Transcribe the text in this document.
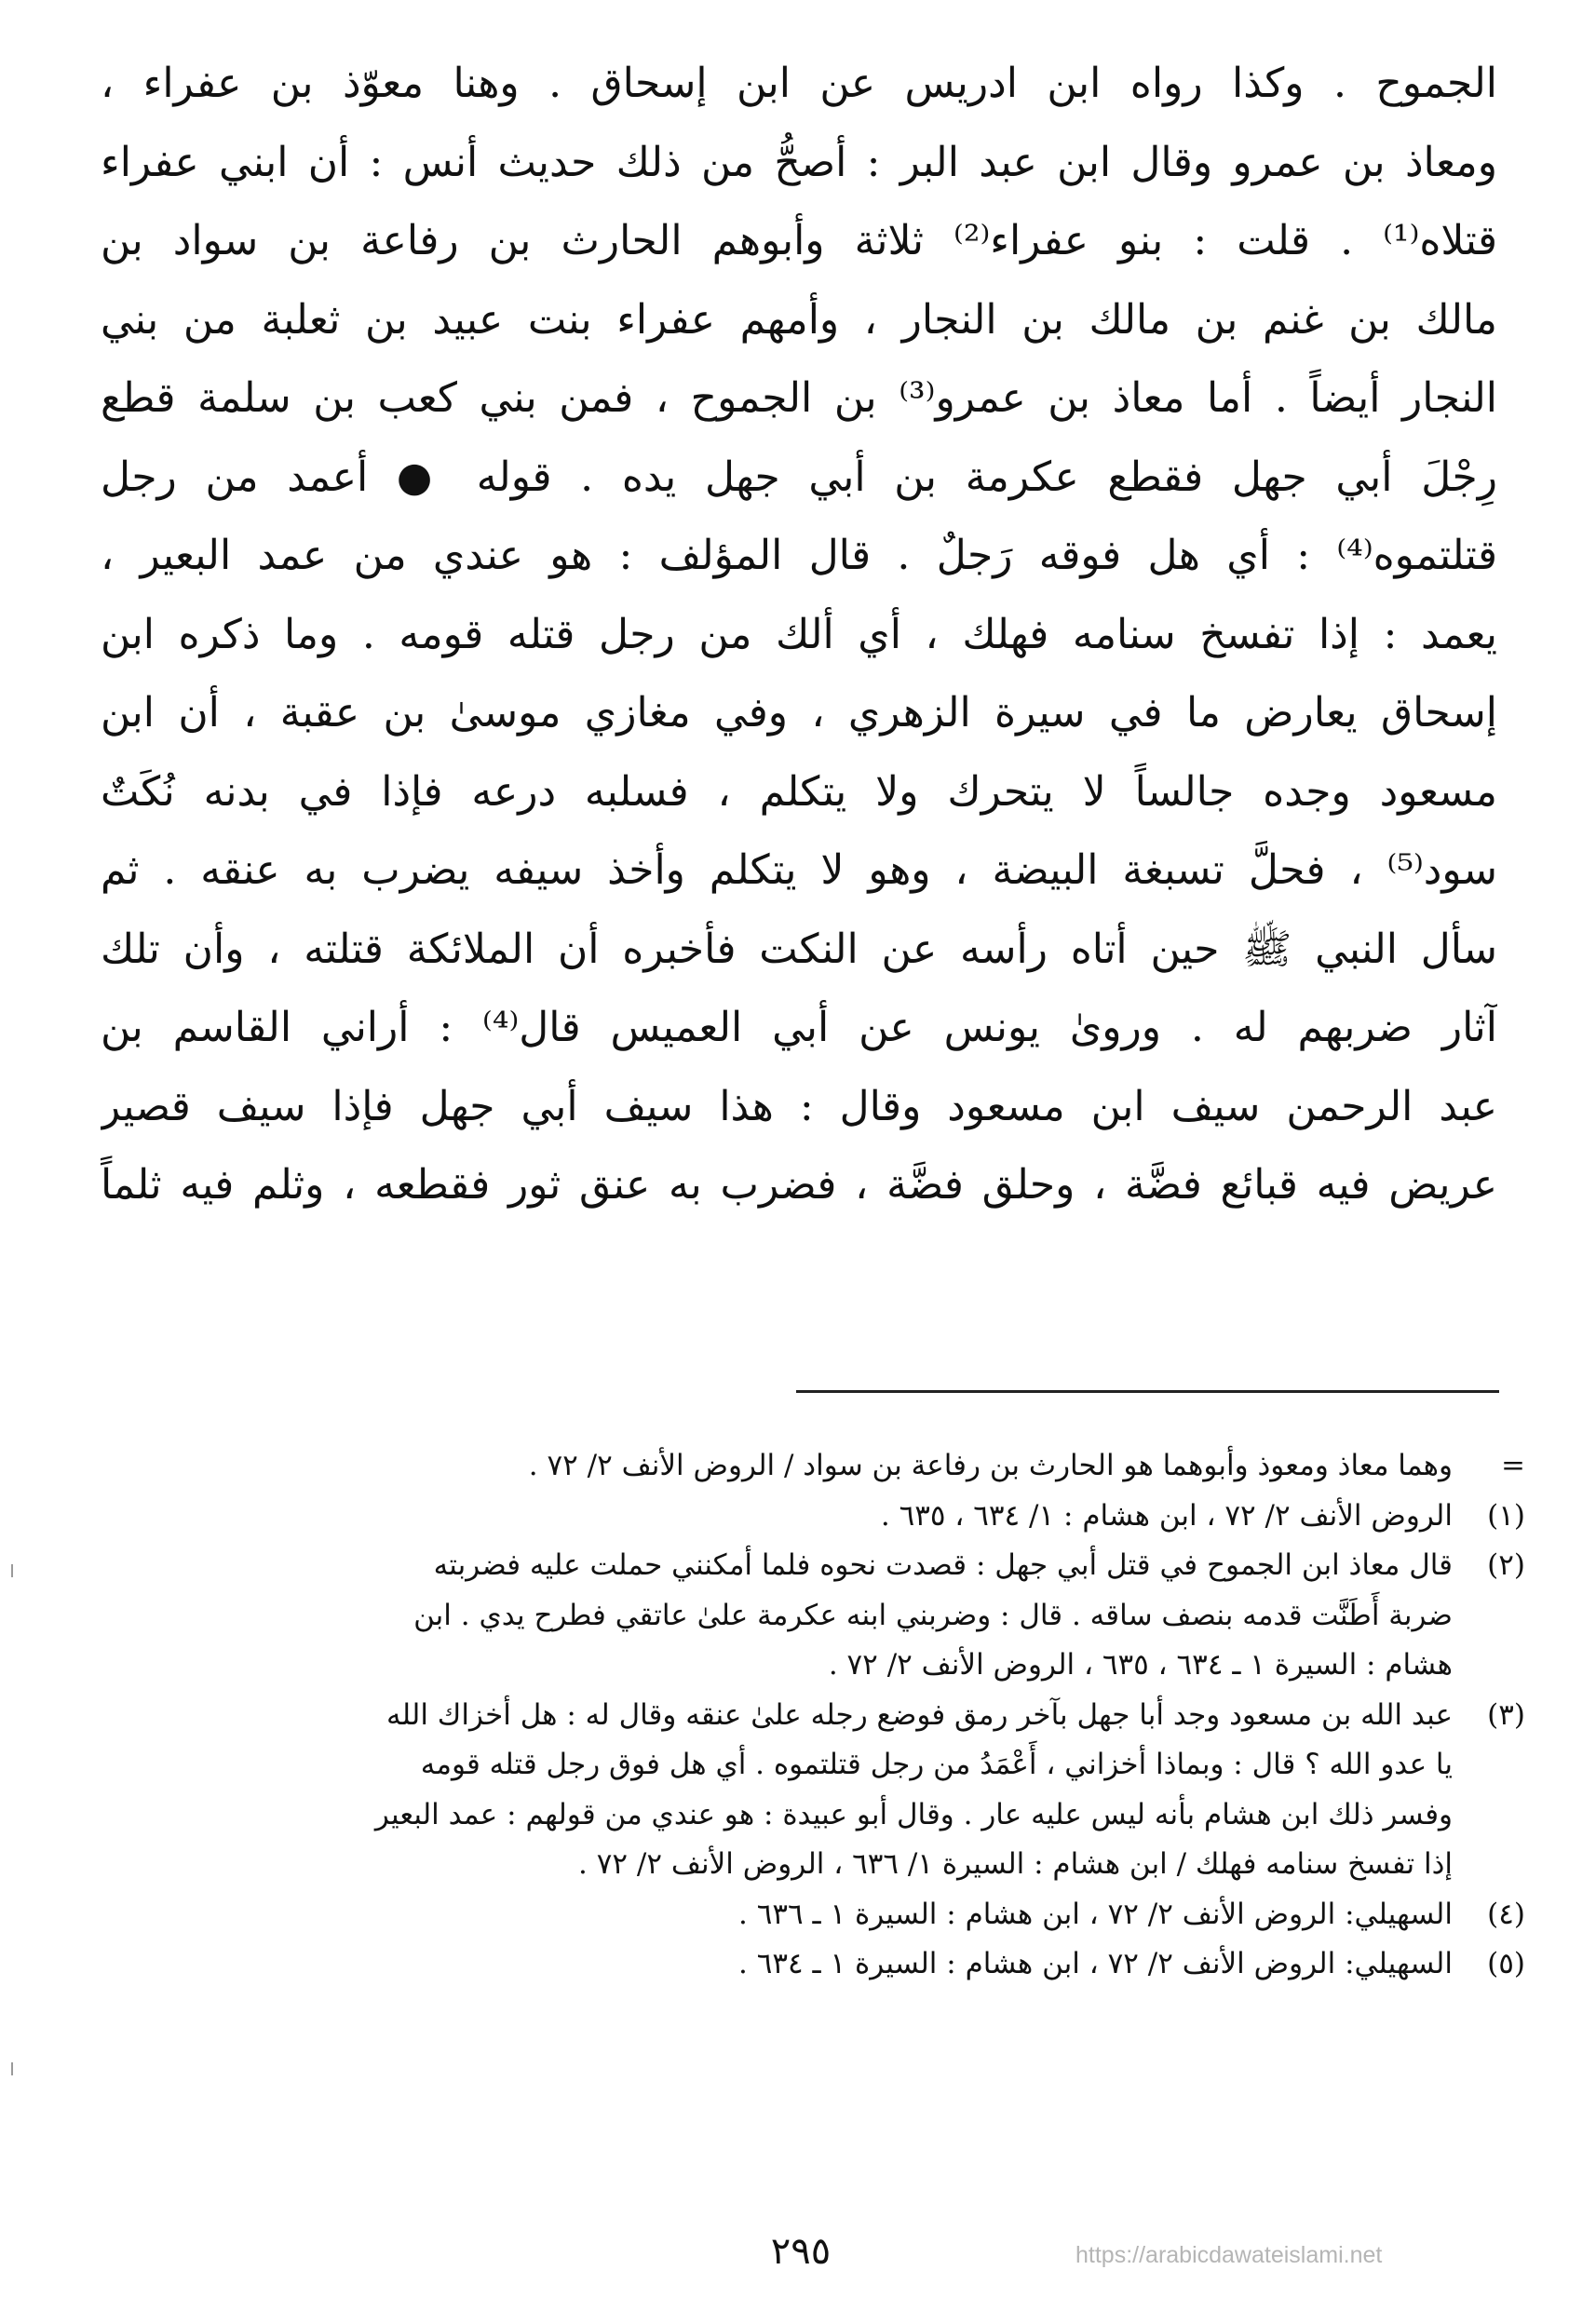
الجموح . وكذا رواه ابن ادريس عن ابن إسحاق . وهنا معوّذ بن عفراء ،
ومعاذ بن عمرو وقال ابن عبد البر : أصحُّ من ذلك حديث أنس : أن ابني عفراء
قتلاه⁽¹⁾ . قلت : بنو عفراء⁽²⁾ ثلاثة وأبوهم الحارث بن رفاعة بن سواد بن
مالك بن غنم بن مالك بن النجار ، وأمهم عفراء بنت عبيد بن ثعلبة من بني
النجار أيضاً . أما معاذ بن عمرو⁽³⁾ بن الجموح ، فمن بني كعب بن سلمة قطع
رِجْلَ أبي جهل فقطع عكرمة بن أبي جهل يده . قوله ● أعمد من رجل
قتلتموه⁽⁴⁾ : أي هل فوقه رَجلٌ . قال المؤلف : هو عندي من عمد البعير ،
يعمد : إذا تفسخ سنامه فهلك ، أي ألك من رجل قتله قومه . وما ذكره ابن
إسحاق يعارض ما في سيرة الزهري ، وفي مغازي موسىٰ بن عقبة ، أن ابن
مسعود وجده جالساً لا يتحرك ولا يتكلم ، فسلبه درعه فإذا في بدنه نُكَتٌ
سود⁽⁵⁾ ، فحلَّ تسبغة البيضة ، وهو لا يتكلم وأخذ سيفه يضرب به عنقه . ثم
سأل النبي ﷺ حين أتاه رأسه عن النكت فأخبره أن الملائكة قتلته ، وأن تلك
آثار ضربهم له . وروىٰ يونس عن أبي العميس قال⁽⁴⁾ : أراني القاسم بن
عبد الرحمن سيف ابن مسعود وقال : هذا سيف أبي جهل فإذا سيف قصير
عريض فيه قبائع فضَّة ، وحلق فضَّة ، فضرب به عنق ثور فقطعه ، وثلم فيه ثلماً
=
وهما معاذ ومعوذ وأبوهما هو الحارث بن رفاعة بن سواد / الروض الأنف ٢/ ٧٢ .
(١)
الروض الأنف ٢/ ٧٢ ، ابن هشام : ١/ ٦٣٤ ، ٦٣٥ .
(٢)
قال معاذ ابن الجموح في قتل أبي جهل : قصدت نحوه فلما أمكنني حملت عليه فضربته
ضربة أَطَنَّت قدمه بنصف ساقه . قال : وضربني ابنه عكرمة علىٰ عاتقي فطرح يدي . ابن
هشام : السيرة ١ ـ ٦٣٤ ، ٦٣٥ ، الروض الأنف ٢/ ٧٢ .
(٣)
عبد الله بن مسعود وجد أبا جهل بآخر رمق فوضع رجله علىٰ عنقه وقال له : هل أخزاك الله
يا عدو الله ؟ قال : وبماذا أخزاني ، أَعْمَدُ من رجل قتلتموه . أي هل فوق رجل قتله قومه
وفسر ذلك ابن هشام بأنه ليس عليه عار . وقال أبو عبيدة : هو عندي من قولهم : عمد البعير
إذا تفسخ سنامه فهلك / ابن هشام : السيرة ١/ ٦٣٦ ، الروض الأنف ٢/ ٧٢ .
(٤)
السهيلي: الروض الأنف ٢/ ٧٢ ، ابن هشام : السيرة ١ ـ ٦٣٦ .
(٥)
السهيلي: الروض الأنف ٢/ ٧٢ ، ابن هشام : السيرة ١ ـ ٦٣٤ .
٢٩٥	https://arabicdawateislami.net
